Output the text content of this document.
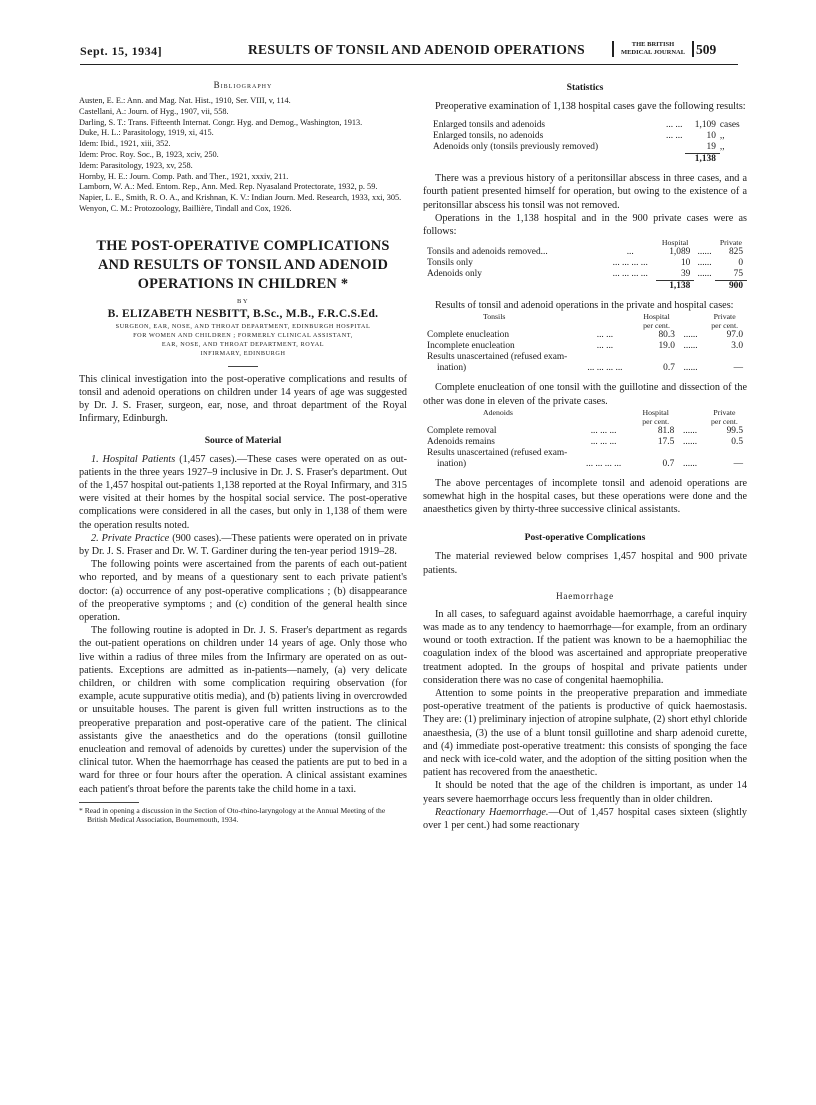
Sept. 15, 1934]	RESULTS OF TONSIL AND ADENOID OPERATIONS	THE BRITISH
MEDICAL JOURNAL 509
Bibliography
Austen, E. E.: Ann. and Mag. Nat. Hist., 1910, Ser. VIII, v, 114.
Castellani, A.: Journ. of Hyg., 1907, vii, 558.
Darling, S. T.: Trans. Fifteenth Internat. Congr. Hyg. and Demog., Washington, 1913.
Duke, H. L.: Parasitology, 1919, xi, 415.
Idem: Ibid., 1921, xiii, 352.
Idem: Proc. Roy. Soc., B, 1923, xciv, 250.
Idem: Parasitology, 1923, xv, 258.
Hornby, H. E.: Journ. Comp. Path. and Ther., 1921, xxxiv, 211.
Lamborn, W. A.: Med. Entom. Rep., Ann. Med. Rep. Nyasaland Protectorate, 1932, p. 59.
Napier, L. E., Smith, R. O. A., and Krishnan, K. V.: Indian Journ. Med. Research, 1933, xxi, 305.
Wenyon, C. M.: Protozoology, Baillière, Tindall and Cox, 1926.
THE POST-OPERATIVE COMPLICATIONS
AND RESULTS OF TONSIL AND ADENOID
OPERATIONS IN CHILDREN *
BY
B. ELIZABETH NESBITT, B.Sc., M.B., F.R.C.S.Ed.
SURGEON, EAR, NOSE, AND THROAT DEPARTMENT, EDINBURGH HOSPITAL
FOR WOMEN AND CHILDREN ; FORMERLY CLINICAL ASSISTANT,
EAR, NOSE, AND THROAT DEPARTMENT, ROYAL
INFIRMARY, EDINBURGH

This clinical investigation into the post-operative complications and results of tonsil and adenoid operations on children under 14 years of age was suggested by Dr. J. S. Fraser, surgeon, ear, nose, and throat department of the Royal Infirmary, Edinburgh.

Source of Material

1. Hospital Patients (1,457 cases).—These cases were operated on as out-patients in the three years 1927–9 inclusive in Dr. J. S. Fraser's department. Out of the 1,457 hospital out-patients 1,138 reported at the Royal Infirmary, and 315 were visited at their homes by the hospital social service. The post-operative complications were considered in all the cases, but only in 1,138 of them were the operation results noted.

2. Private Practice (900 cases).—These patients were operated on in private by Dr. J. S. Fraser and Dr. W. T. Gardiner during the ten-year period 1919–28.

The following points were ascertained from the parents of each out-patient who reported, and by means of a questionary sent to each private patient's doctor: (a) occurrence of any post-operative complications ; (b) disappearance of the preoperative symptoms ; and (c) condition of the general health since operation.

The following routine is adopted in Dr. J. S. Fraser's department as regards the out-patient operations on children under 14 years of age. Only those who live within a radius of three miles from the Infirmary are operated on as out-patients. Exceptions are admitted as in-patients—namely, (a) very delicate children, or children with some complication requiring observation (for example, acute suppurative otitis media), and (b) patients living in overcrowded or unsuitable houses. The parent is given full written instructions as to the preoperative preparation and post-operative care of the patient. The clinical assistants give the anaesthetics and do the operations (tonsil guillotine enucleation and removal of adenoids by curettes) under the supervision of the clinical tutor. When the haemorrhage has ceased the patients are put to bed in a ward for three or four hours after the operation. A clinical assistant examines each patient's throat before the parents take the child home in a taxi.

* Read in opening a discussion in the Section of Oto-rhino-laryngology at the Annual Meeting of the British Medical Association, Bournemouth, 1934.
Statistics

Preoperative examination of 1,138 hospital cases gave the following results:

Enlarged tonsils and adenoids	... ...	1,109	cases
Enlarged tonsils, no adenoids	... ...	10	,,
Adenoids only (tonsils previously removed)		19	,,
		1,138	

There was a previous history of a peritonsillar abscess in three cases, and a fourth patient presented himself for operation, but owing to the existence of a peritonsillar abscess his tonsil was not removed.

Operations in the 1,138 hospital and in the 900 private cases were as follows:

		Hospital		Private
Tonsils and adenoids removed...	...	1,089	......	825
Tonsils only	... ... ... ...	10	......	0
Adenoids only	... ... ... ...	39	......	75
		1,138		900

Results of tonsil and adenoid operations in the private and hospital cases:

Tonsils		Hospital		Private
		per cent.		per cent.
Complete enucleation	... ...	80.3	......	97.0
Incomplete enucleation	... ...	19.0	......	3.0
Results unascertained (refused exam-				
ination)	... ... ... ...	0.7	......	—

Complete enucleation of one tonsil with the guillotine and dissection of the other was done in eleven of the private cases.

Adenoids		Hospital		Private
		per cent.		per cent.
Complete removal	... ... ...	81.8	......	99.5
Adenoids remains	... ... ...	17.5	......	0.5
Results unascertained (refused exam-				
ination)	... ... ... ...	0.7	......	—

The above percentages of incomplete tonsil and adenoid operations are somewhat high in the hospital cases, but these operations were done and the anaesthetics given by thirty-three successive clinical assistants.

Post-operative Complications

The material reviewed below comprises 1,457 hospital and 900 private patients.

Haemorrhage

In all cases, to safeguard against avoidable haemorrhage, a careful inquiry was made as to any tendency to haemorrhage—for example, from an ordinary wound or tooth extraction. If the patient was known to be a haemophiliac the coagulation index of the blood was ascertained and appropriate preoperative treatment adopted. In the groups of hospital and private patients under consideration there was no case of congenital haemophilia.

Attention to some points in the preoperative preparation and immediate post-operative treatment of the patients is productive of quick haemostasis. They are: (1) preliminary injection of atropine sulphate, (2) short ethyl chloride anaesthesia, (3) the use of a blunt tonsil guillotine and sharp adenoid curette, and (4) immediate post-operative treatment: this consists of sponging the face and neck with ice-cold water, and the adoption of the sitting position when the patient has recovered from the anaesthetic.

It should be noted that the age of the children is important, as under 14 years severe haemorrhage occurs less frequently than in older children.

Reactionary Haemorrhage.—Out of 1,457 hospital cases sixteen (slightly over 1 per cent.) had some reactionary
